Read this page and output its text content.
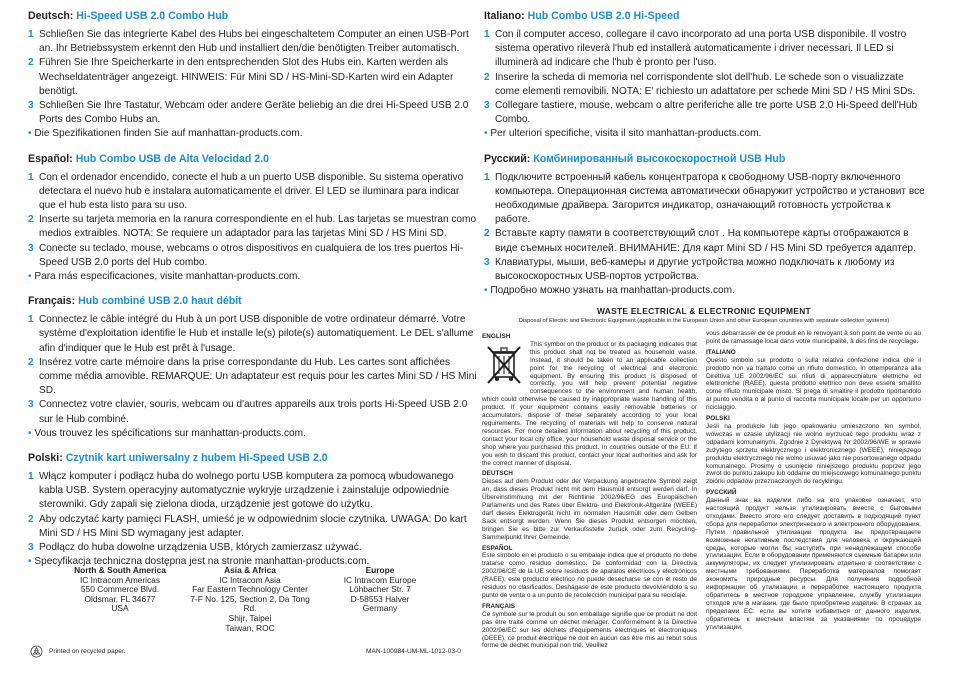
Deutsch: Hi-Speed USB 2.0 Combo Hub
1 Schließen Sie das integrierte Kabel des Hubs bei eingeschaltetem Computer an einen USB-Port an. Ihr Betriebssystem erkennt den Hub und installiert den/die benötigten Treiber automatisch.
2 Führen Sie Ihre Speicherkarte in den entsprechenden Slot des Hubs ein. Karten werden als Wechseldatenträger angezeigt. HINWEIS: Für Mini SD / HS-Mini-SD-Karten wird ein Adapter benötigt.
3 Schließen Sie Ihre Tastatur, Webcam oder andere Geräte beliebig an die drei Hi-Speed USB 2.0 Ports des Combo Hubs an.
• Die Spezifikationen finden Sie auf manhattan-products.com.
Español: Hub Combo USB de Alta Velocidad 2.0
1 Con el ordenador encendido, conecte el hub a un puerto USB disponible. Su sistema operativo detectara el nuevo hub e instalara automaticamente el driver. El LED se iluminara para indicar que el hub esta listo para su uso.
2 Inserte su tarjeta memoria en la ranura correspondiente en el hub. Las tarjetas se muestran como medios extraibles. NOTA: Se requiere un adaptador para las tarjetas Mini SD / HS Mini SD.
3 Conecte su teclado, mouse, webcams o otros dispositivos en cualquiera de los tres puertos Hi-Speed USB 2.0 ports del Hub combo.
• Para más especificaciones, visite manhattan-products.com.
Français: Hub combiné USB 2.0 haut débit
1 Connectez le câble intégré du Hub à un port USB disponible de votre ordinateur démarré. Votre système d'exploitation identifie le Hub et installe le(s) pilote(s) automatiquement. Le DEL s'allume afin d'indiquer que le Hub est prêt à l'usage.
2 Insérez votre carte mémoire dans la prise correspondante du Hub. Les cartes sont affichées comme média amovible. REMARQUE: Un adaptateur est requis pour les cartes Mini SD / HS Mini SD.
3 Connectez votre clavier, souris, webcam ou d'autres appareils aux trois ports Hi-Speed USB 2.0 sur le Hub combiné.
• Vous trouvez les spécifications sur manhattan-products.com.
Polski: Czytnik kart uniwersalny z hubem Hi-Speed USB 2.0
1 Włącz komputer i podłącz huba do wolnego portu USB komputera za pomocą wbudowanego kabla USB. System operacyjny automatycznie wykryje urządzenie i zainstaluje odpowiednie sterowniki. Gdy zapali się zielona dioda, urządzenie jest gotowe do użytku.
2 Aby odczytać karty pamięci FLASH, umieść je w odpowiednim slocie czytnika. UWAGA: Do kart Mini SD / HS Mini SD wymagany jest adapter.
3 Podłącz do huba dowolne urządzenia USB, których zamierzasz używać.
• Specyfikacja techniczna dostępna jest na stronie manhattan-products.com.
Italiano: Hub Combo USB 2.0 Hi-Speed
1 Con il computer acceso, collegare il cavo incorporato ad una porta USB disponibile. Il vostro sistema operativo rileverà l'hub ed installerà automaticamente i driver necessari. Il LED si illuminerà ad indicare che l'hub è pronto per l'uso.
2 Inserire la scheda di memoria nel corrispondente slot dell'hub. Le schede son o visualizzate come elementi removibili. NOTA: E' richiesto un adattatore per schede Mini SD / HS Mini SDs.
3 Collegare tastiere, mouse, webcam o altre periferiche alle tre porte USB 2.0 Hi-Speed dell'Hub Combo.
• Per ulteriori specifiche, visita il sito manhattan-products.com.
Русский: Комбинированный высокоскоростной USB Hub
1 Подключите встроенный кабель концентратора к свободному USB-порту включенного компьютера. Операционная система автоматически обнаружит устройство и установит все необходимые драйвера. Загорится индикатор, означающий готовность устройства к работе.
2 Вставьте карту памяти в соответствующий слот . На компьютере карты отображаются в виде съемных носителей. ВНИМАНИЕ: Для карт Mini SD / HS Mini SD требуется адаптер.
3 Клавиатуры, мыши, веб-камеры и другие устройства можно подключать к любому из высокоскоростных USB-портов устройства.
• Подробно можно узнать на manhattan-products.com.
North & South America
IC Intracom Americas
550 Commerce Blvd.
Oldsmar, FL 34677
USA
Asia & Africa
IC Intracom Asia
Far Eastern Technology Center
7-F No. 125, Section 2, Da Tong Rd.
Shijr, Taipei
Taiwan, ROC
Europe
IC Intracom Europe
Löhbacher Str. 7
D-58553 Halver
Germany
Printed on recycled paper.	MAN-100984-UM-ML-1012-03-0
WASTE ELECTRICAL & ELECTRONIC EQUIPMENT
Disposal of Electric and Electronic Equipment (applicable in the European Union and other European countries with separate collection systems)
ENGLISH
This symbol on the product or its packaging indicates that this product shall not be treated as household waste. Instead, it should be taken to an applicable collection point for the recycling of electrical and electronic equipment. By ensuring this product is disposed of correctly, you will help prevent potential negative consequences to the environment and human health, which could otherwise be caused by inappropriate waste handling of this product. If your equipment contains easily removable batteries or accumulators, dispose of these separately according to your local requirements. The recycling of materials will help to conserve natural resources. For more detailed information about recycling of this product, contact your local city office, your household waste disposal service or the shop where you purchased this product. In countries outside of the EU: If you wish to discard this product, contact your local authorities and ask for the correct manner of disposal.
DEUTSCH
Dieses auf dem Produkt oder der Verpackung angebrachte Symbol zeigt an, dass dieses Produkt nicht mit dem Hausmüll entsorgt werden darf. In Übereinstimmung mit der Richtlinie 2002/96/EG des Europäischen Parlaments und des Rates über Elektro- und Elektronik-Altgeräte (WEEE) darf dieses Elektrogerät nicht im normalen Hausmüll oder dem Gelben Sack entsorgt werden. Wenn Sie dieses Produkt entsorgen möchten, bringen Sie es bitte zur Verkaufsstelle zurück oder zum Recycling-Sammelpunkt Ihrer Gemeinde.
ESPAÑOL
Este símbolo en el producto o su embalaje indica que el producto no debe tratarse como residuo doméstico. De conformidad con la Directiva 2002/96/CE de la UE sobre residuos de aparatos eléctricos y electrónicos (RAEE), este producto eléctrico no puede desecharse se con el resto de residuos no clasificados. Deshágase de este producto devolviéndolo a su punto de venta o a un punto de recolección municipal para su reciclaje.
FRANÇAIS
Ce symbole sur le produit ou son emballage signifie que ce produit ne doit pas être traité comme un déchet ménager. Conformément à la Directive 2002/96/EC sur les déchets d'équipements électriques et électroniques (DEEE), ce produit électrique ne doit en aucun cas être mis au rebut sous forme de déchet municipal non trié. Veuillez
vous débarrasser de ce produit en le renvoyant à son point de vente ou au point de ramassage local dans votre municipalité, à des fins de recyclage.
ITALIANO
Questo simbolo sui prodotto o sulla relativa confezione indica che il prodotto non va trattato come un rifiuto domestico. In ottemperanza alla Direttiva UE 2002/96/EC sui rifiuti di apparecchiature elettriche ed elettroniche (RAEE), questa prodotto elettrico non deve essere smaltito come rifiuto municipale misto. Si prega di smaltire il prodotto riportandolo al punto vendita o al punto di raccolta municipale locale per un opportuno riciclaggio.
POLSKI
Jeśli na produkcie lub jego opakowaniu umieszczono ten symbol, wówczas w czasie utylizacji nie wolno wyrzucać tego produktu wraz z odpadami komunalnymi. Zgodnie z Dyrektywą Nr 2002/96/WE w sprawie zużytego sprzętu elektrycznego i elektronicznego (WEEE), niniejszego produktu elektrycznego nie wolno usuwać jako nie posortowanego odpadu komunalnego. Prosimy o usunięcie niniejszego produktu poprzez jego zwrot do punktu zakupu lub oddanie do miejscowego komunalnego punktu zbiórki odpadów przeznaczonych do recyklingu.
РУССКИЙ
Данный знак на изделии либо на его упаковке означает, что настоящий продукт нельзя утилизировать вместе с бытовыми отходами. Вместо этого его следует доставить в подходящий пункт сбора для переработки электрического и электронного оборудования. Путем правильной утилизации продукта вы предотвращаете возможные негативные последствия для человека и окружающей среды, которые могли бы наступить при ненадлежащем способе утилизации. Если в оборудовании применяются съемные батареи или аккумуляторы, их следует утилизировать отдельно в соответствии с местными требованиями. Переработка материалов помогает экономить природные ресурсы. Для получения подробной информации об утилизации и переработке настоящего продукта обратитесь в местное городское управление, службу утилизации отходов или в магазин, где было приобретено изделие. В странах за пределами ЕС: если вы хотите избавиться от данного изделия, обратитесь к местным властям за указаниями по процедуре утилизации.
